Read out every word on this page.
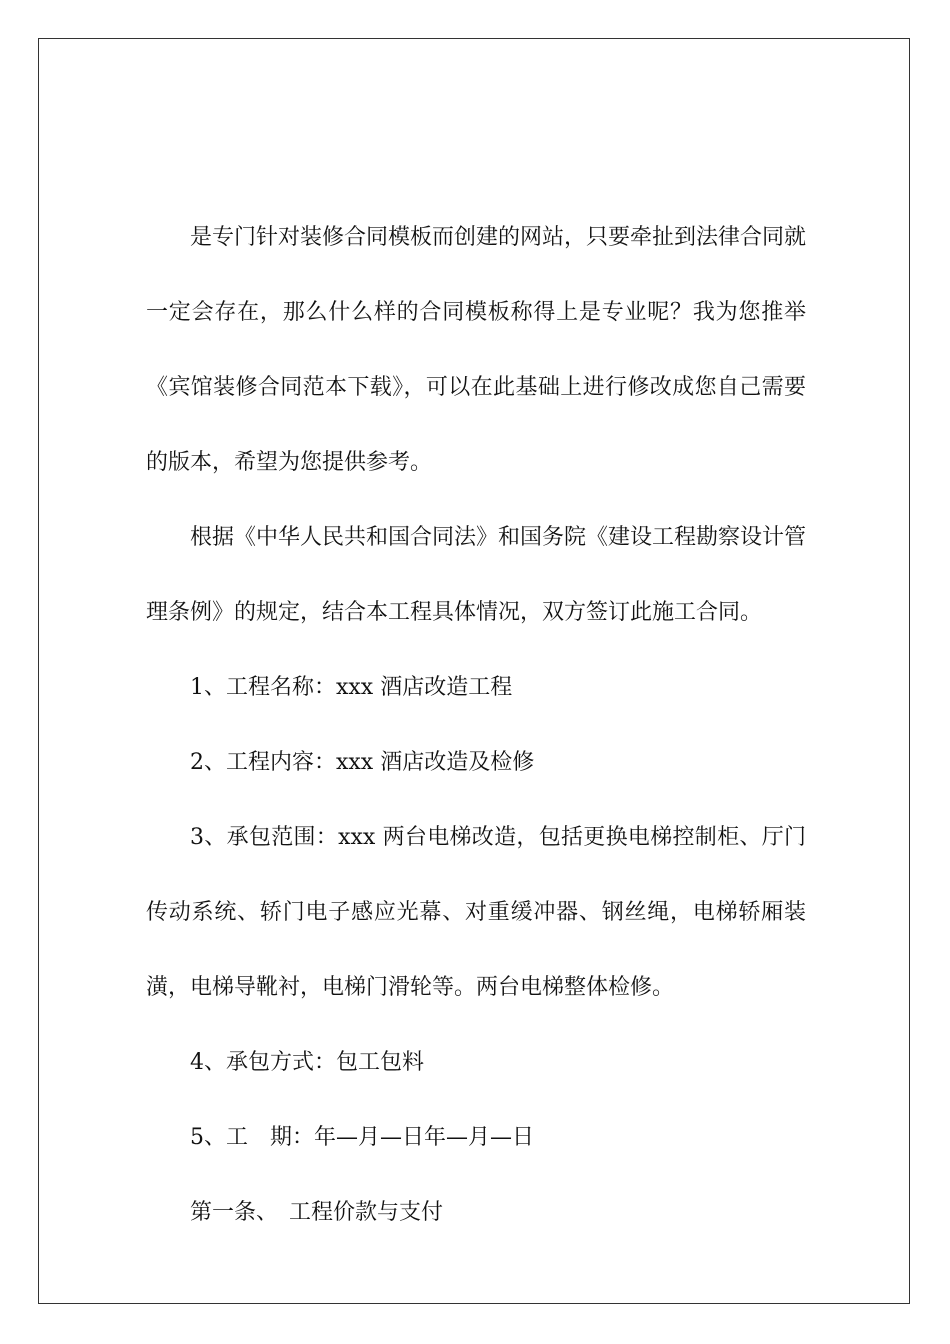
是专门针对装修合同模板而创建的网站，只要牵扯到法律合同就一定会存在，那么什么样的合同模板称得上是专业呢？我为您推举《宾馆装修合同范本下载》，可以在此基础上进行修改成您自己需要的版本，希望为您提供参考。

根据《中华人民共和国合同法》和国务院《建设工程勘察设计管理条例》的规定，结合本工程具体情况，双方签订此施工合同。

1、工程名称：xxx 酒店改造工程

2、工程内容：xxx 酒店改造及检修

3、承包范围：xxx 两台电梯改造，包括更换电梯控制柜、厅门传动系统、轿门电子感应光幕、对重缓冲器、钢丝绳，电梯轿厢装潢，电梯导靴衬，电梯门滑轮等。两台电梯整体检修。

4、承包方式：包工包料

5、工　期：年—月—日年—月—日

第一条、　工程价款与支付
